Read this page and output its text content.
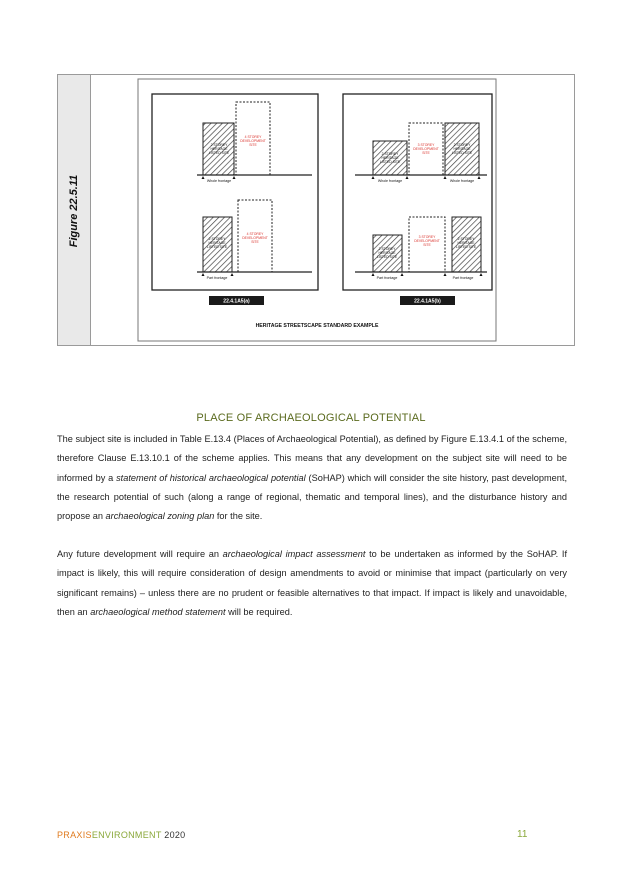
Figure 22.5.11
2 STOREY
HERITAGE
LISTED SITE
4 STOREY
DEVELOPMENT
SITE
Whole frontage
2 STOREY
HERITAGE
LISTED SITE
4 STOREY
DEVELOPMENT
SITE
Part frontage
22.4.1A5(a)
2 STOREY
HERITAGE
LISTED SITE
3 STOREY
DEVELOPMENT
SITE
2 STOREY
HERITAGE
LISTED SITE
Whole frontage	Whole frontage
2 STOREY
HERITAGE
LISTED SITE
3 STOREY
DEVELOPMENT
SITE
2 STOREY
HERITAGE
LISTED SITE
Part frontage	Part frontage
22.4.1A5(b)
HERITAGE STREETSCAPE STANDARD EXAMPLE
PLACE OF ARCHAEOLOGICAL POTENTIAL

The subject site is included in Table E.13.4 (Places of Archaeological Potential), as defined by Figure E.13.4.1 of the scheme, therefore Clause E.13.10.1 of the scheme applies. This means that any development on the subject site will need to be informed by a statement of historical archaeological potential (SoHAP) which will consider the site history, past development, the research potential of such (along a range of regional, thematic and temporal lines), and the disturbance history and propose an archaeological zoning plan for the site.

Any future development will require an archaeological impact assessment to be undertaken as informed by the SoHAP. If impact is likely, this will require consideration of design amendments to avoid or minimise that impact (particularly on very significant remains) – unless there are no prudent or feasible alternatives to that impact. If impact is likely and unavoidable, then an archaeological method statement will be required.

PRAXISENVIRONMENT 2020	11
